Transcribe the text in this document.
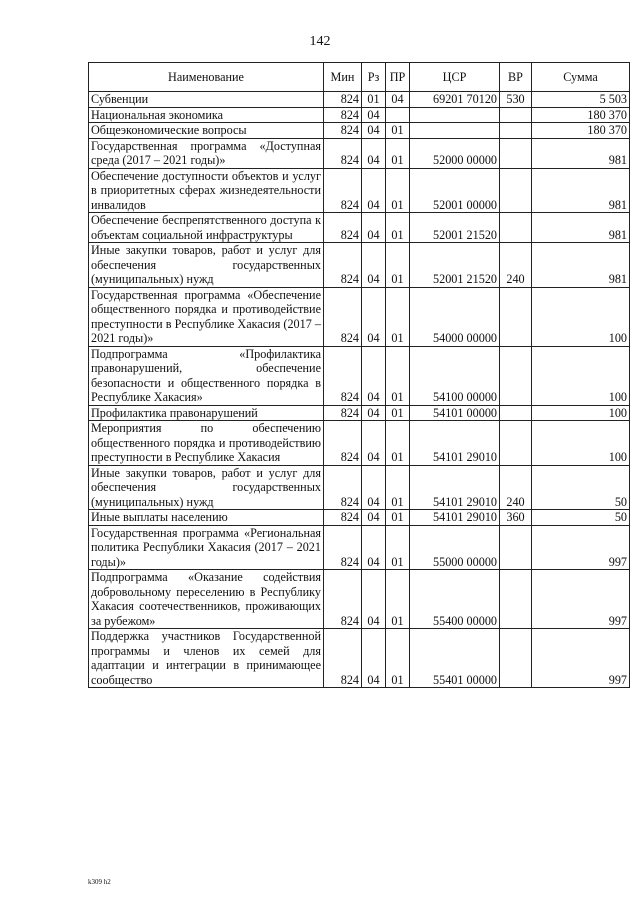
142
Наименование	Мин	Рз	ПР	ЦСР	ВР	Сумма
Субвенции	824	01	04	69201 70120	530	5 503
Национальная экономика	824	04				180 370
Общеэкономические вопросы	824	04	01			180 370
Государственная программа «Доступная среда (2017 – 2021 годы)»	824	04	01	52000 00000		981
Обеспечение доступности объектов и услуг в приоритетных сферах жизнедеятельности инвалидов	824	04	01	52001 00000		981
Обеспечение беспрепятственного доступа к объектам социальной инфраструктуры	824	04	01	52001 21520		981
Иные закупки товаров, работ и услуг для обеспечения государственных (муниципальных) нужд	824	04	01	52001 21520	240	981
Государственная программа «Обеспечение общественного порядка и противодействие преступности в Республике Хакасия (2017 – 2021 годы)»	824	04	01	54000 00000		100
Подпрограмма «Профилактика правонарушений, обеспечение безопасности и общественного порядка в Республике Хакасия»	824	04	01	54100 00000		100
Профилактика правонарушений	824	04	01	54101 00000		100
Мероприятия по обеспечению общественного порядка и противодействию преступности в Республике Хакасия	824	04	01	54101 29010		100
Иные закупки товаров, работ и услуг для обеспечения государственных (муниципальных) нужд	824	04	01	54101 29010	240	50
Иные выплаты населению	824	04	01	54101 29010	360	50
Государственная программа «Региональная политика Республики Хакасия (2017 – 2021 годы)»	824	04	01	55000 00000		997
Подпрограмма «Оказание содействия добровольному переселению в Республику Хакасия соотечественников, проживающих за рубежом»	824	04	01	55400 00000		997
Поддержка участников Государственной программы и членов их семей для адаптации и интеграции в принимающее сообщество	824	04	01	55401 00000		997
k309 h2
